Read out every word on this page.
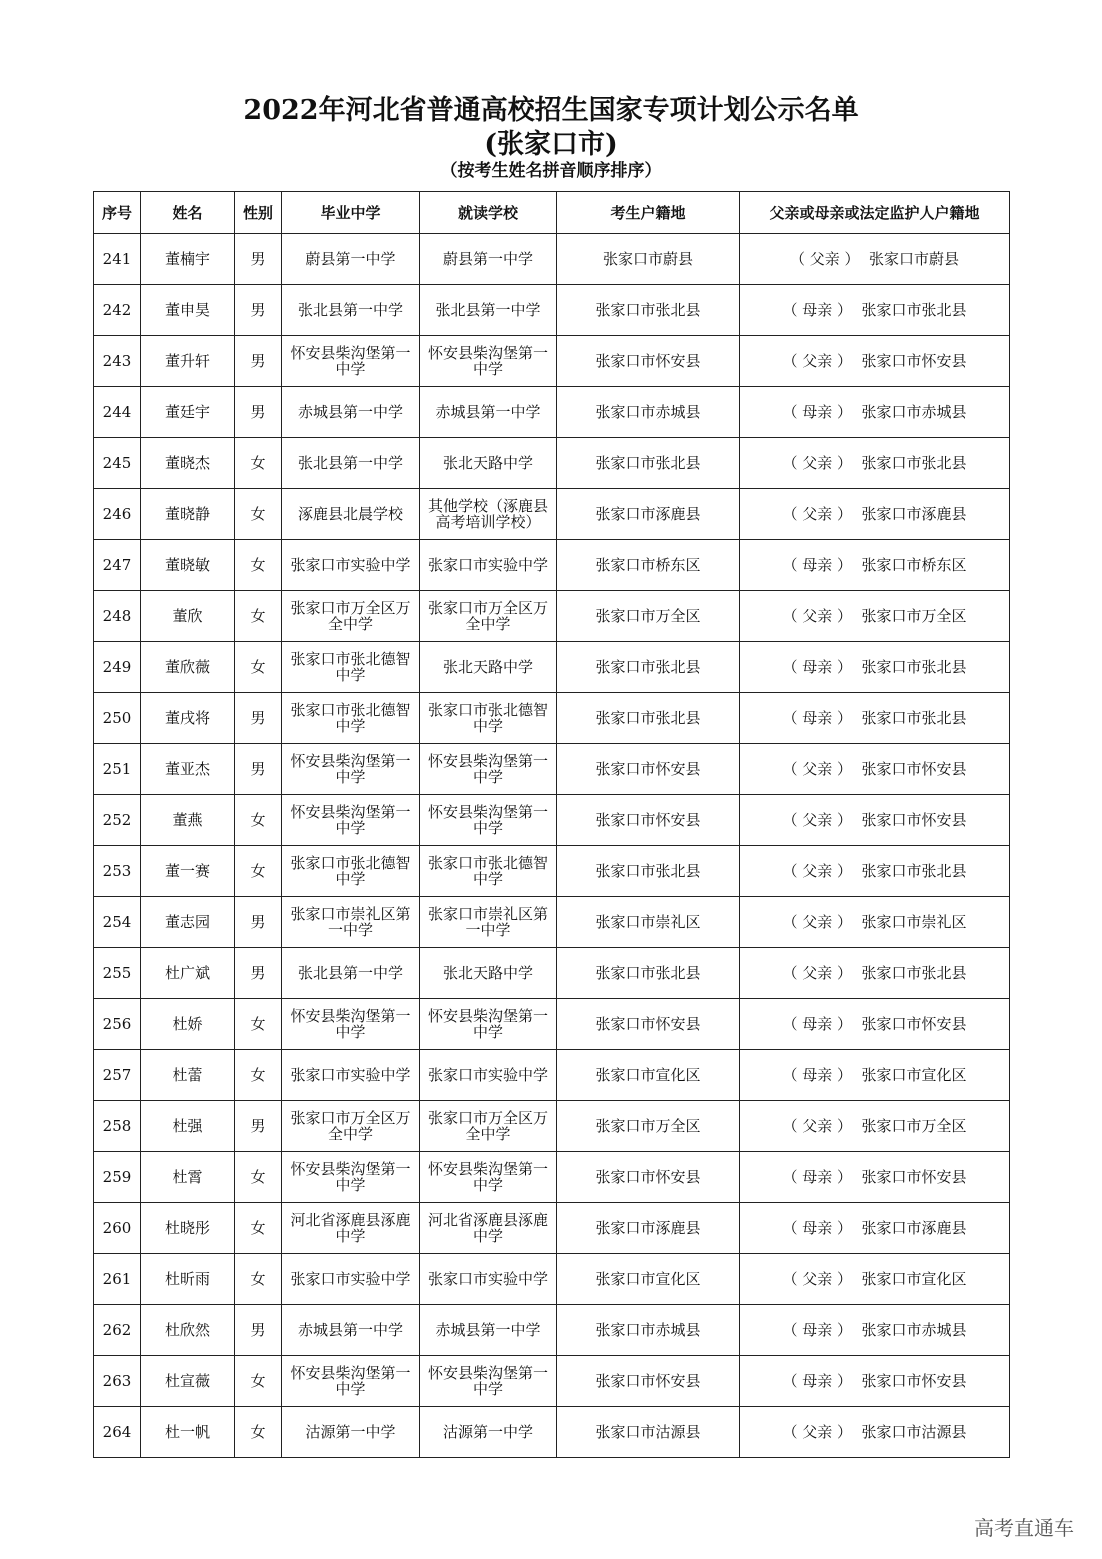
2022年河北省普通高校招生国家专项计划公示名单
(张家口市)
（按考生姓名拼音顺序排序）
序号	姓名	性别	毕业中学	就读学校	考生户籍地	父亲或母亲或法定监护人户籍地
241	董楠宇	男	蔚县第一中学	蔚县第一中学	张家口市蔚县	（ 父亲 ）  张家口市蔚县
242	董申昊	男	张北县第一中学	张北县第一中学	张家口市张北县	（ 母亲 ）  张家口市张北县
243	董升轩	男	怀安县柴沟堡第一中学	怀安县柴沟堡第一中学	张家口市怀安县	（ 父亲 ）  张家口市怀安县
244	董廷宇	男	赤城县第一中学	赤城县第一中学	张家口市赤城县	（ 母亲 ）  张家口市赤城县
245	董晓杰	女	张北县第一中学	张北天路中学	张家口市张北县	（ 父亲 ）  张家口市张北县
246	董晓静	女	涿鹿县北晨学校	其他学校（涿鹿县高考培训学校）	张家口市涿鹿县	（ 父亲 ）  张家口市涿鹿县
247	董晓敏	女	张家口市实验中学	张家口市实验中学	张家口市桥东区	（ 母亲 ）  张家口市桥东区
248	董欣	女	张家口市万全区万全中学	张家口市万全区万全中学	张家口市万全区	（ 父亲 ）  张家口市万全区
249	董欣薇	女	张家口市张北德智中学	张北天路中学	张家口市张北县	（ 母亲 ）  张家口市张北县
250	董戌将	男	张家口市张北德智中学	张家口市张北德智中学	张家口市张北县	（ 母亲 ）  张家口市张北县
251	董亚杰	男	怀安县柴沟堡第一中学	怀安县柴沟堡第一中学	张家口市怀安县	（ 父亲 ）  张家口市怀安县
252	董燕	女	怀安县柴沟堡第一中学	怀安县柴沟堡第一中学	张家口市怀安县	（ 父亲 ）  张家口市怀安县
253	董一赛	女	张家口市张北德智中学	张家口市张北德智中学	张家口市张北县	（ 父亲 ）  张家口市张北县
254	董志园	男	张家口市崇礼区第一中学	张家口市崇礼区第一中学	张家口市崇礼区	（ 父亲 ）  张家口市崇礼区
255	杜广斌	男	张北县第一中学	张北天路中学	张家口市张北县	（ 父亲 ）  张家口市张北县
256	杜娇	女	怀安县柴沟堡第一中学	怀安县柴沟堡第一中学	张家口市怀安县	（ 母亲 ）  张家口市怀安县
257	杜蕾	女	张家口市实验中学	张家口市实验中学	张家口市宣化区	（ 母亲 ）  张家口市宣化区
258	杜强	男	张家口市万全区万全中学	张家口市万全区万全中学	张家口市万全区	（ 父亲 ）  张家口市万全区
259	杜霄	女	怀安县柴沟堡第一中学	怀安县柴沟堡第一中学	张家口市怀安县	（ 母亲 ）  张家口市怀安县
260	杜晓彤	女	河北省涿鹿县涿鹿中学	河北省涿鹿县涿鹿中学	张家口市涿鹿县	（ 母亲 ）  张家口市涿鹿县
261	杜昕雨	女	张家口市实验中学	张家口市实验中学	张家口市宣化区	（ 父亲 ）  张家口市宣化区
262	杜欣然	男	赤城县第一中学	赤城县第一中学	张家口市赤城县	（ 母亲 ）  张家口市赤城县
263	杜宣薇	女	怀安县柴沟堡第一中学	怀安县柴沟堡第一中学	张家口市怀安县	（ 母亲 ）  张家口市怀安县
264	杜一帆	女	沽源第一中学	沽源第一中学	张家口市沽源县	（ 父亲 ）  张家口市沽源县
高考直通车
